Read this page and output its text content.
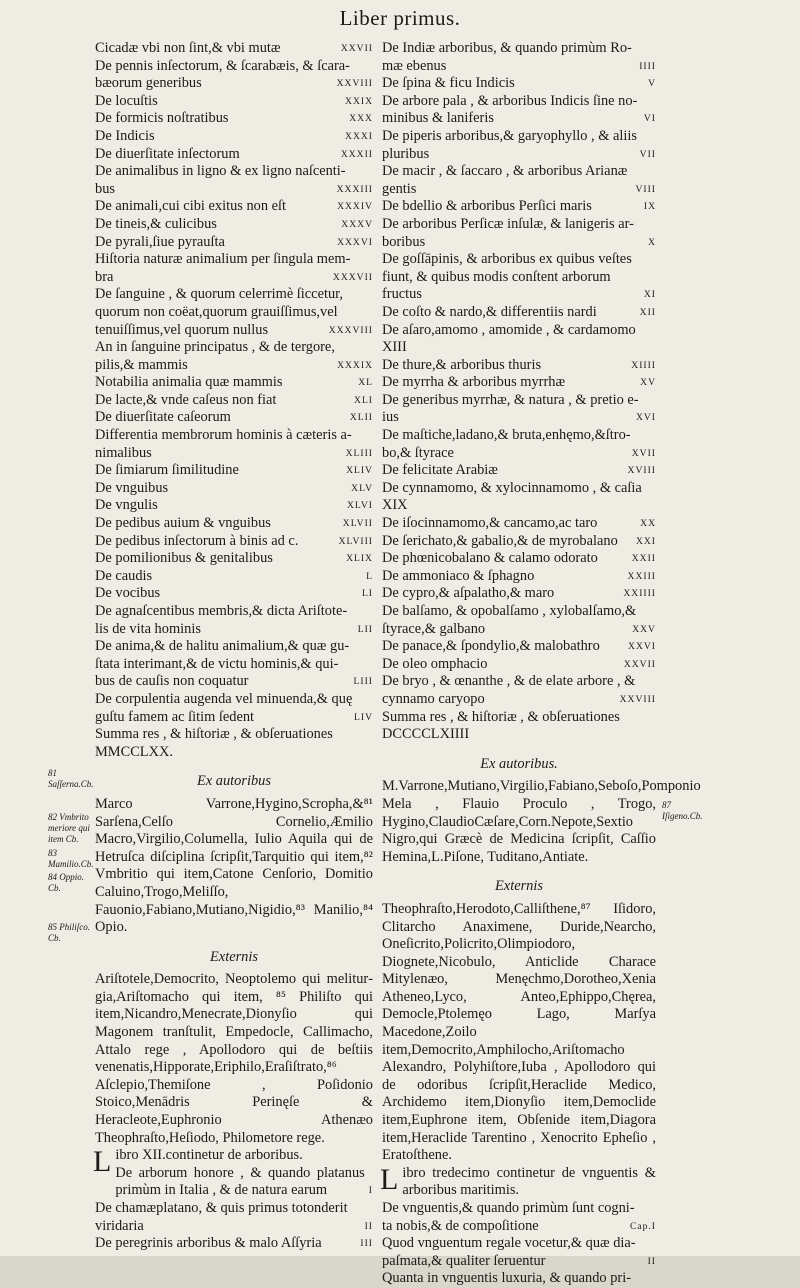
Liber primus.
Cicadæ vbi non ſint,& vbi mutæ	XXVII
De pennis inſectorum, & ſcarabæis, & ſcara-
bæorum generibus	XXVIII
De locuſtis	XXIX
De formicis noſtratibus	XXX
De Indicis	XXXI
De diuerſitate inſectorum	XXXII
De animalibus in ligno & ex ligno naſcenti-
bus	XXXIII
De animali,cui cibi exitus non eſt	XXXIV
De tineis,& culicibus	XXXV
De pyrali,ſiue pyrauſta	XXXVI
Hiſtoria naturæ animalium per ſingula mem-
bra	XXXVII
De ſanguine , & quorum celerrimè ſiccetur,
quorum non coëat,quorum grauiſſimus,vel
tenuiſſimus,vel quorum nullus	XXXVIII
An in ſanguine principatus , & de tergore,
pilis,& mammis	XXXIX
Notabilia animalia quæ mammis	XL
De lacte,& vnde caſeus non fiat	XLI
De diuerſitate caſeorum	XLII
Differentia membrorum hominis à cæteris a-
nimalibus	XLIII
De ſimiarum ſimilitudine	XLIV
De vnguibus	XLV
De vngulis	XLVI
De pedibus auium & vnguibus	XLVII
De pedibus inſectorum à binis ad c.	XLVIII
De pomilionibus & genitalibus	XLIX
De caudis	L
De vocibus	LI
De agnaſcentibus membris,& dicta Ariſtote-
lis de vita hominis	LII
De anima,& de halitu animalium,& quæ gu-
ſtata interimant,& de victu hominis,& qui-
bus de cauſis non coquatur	LIII
De corpulentia augenda vel minuenda,& quę
guſtu famem ac ſitim ſedent	LIV
Summa res , & hiſtoriæ , & obſeruationes
MMCCLXX.
Ex autoribus
Marco Varrone,Hygino,Scropha,&⁸¹ Sarſena,Celſo Cornelio,Æmilio Macro,Virgilio,Columella, Iulio Aquila qui de Hetruſca diſciplina ſcripſit,Tarquitio qui item,⁸² Vmbritio qui item,Catone Cenſorio, Domitio Caluino,Trogo,Meliſſo, Fauonio,Fabiano,Mutiano,Nigidio,⁸³ Manilio,⁸⁴ Opio.
Externis
Ariſtotele,Democrito, Neoptolemo qui meliturgia,Ariſtomacho qui item, ⁸⁵ Philiſto qui item,Nicandro,Menecrate,Dionyſio qui Magonem tranſtulit, Empedocle, Callimacho, Attalo rege , Apollodoro qui de beſtiis venenatis,Hipporate,Eriphilo,Eraſiſtrato,⁸⁶ Aſclepio,Themiſone , Poſidonio Stoico,Menādris Perinęſe & Heracleote,Euphronio Athenæo Theophraſto,Heſiodo, Philometore rege.
L ibro XII.continetur de arboribus.
De arborum honore , & quando platanus primùm in Italia , & de natura earum	I
De chamæplatano, & quis primus totonderit
viridaria	II
De peregrinis arboribus & malo Aſſyria	III
De Indiæ arboribus, & quando primùm Ro-
mæ ebenus	IIII
De ſpina & ficu Indicis	V
De arbore pala , & arboribus Indicis ſine no-
minibus & laniferis	VI
De piperis arboribus,& garyophyllo , & aliis
pluribus	VII
De macir , & ſaccaro , & arboribus Arianæ
gentis	VIII
De bdellio & arboribus Perſici maris	IX
De arboribus Perſicæ inſulæ, & lanigeris ar-
boribus	X
De goſſāpinis, & arboribus ex quibus veſtes
fiunt, & quibus modis conſtent arborum
fructus	XI
De coſto & nardo,& differentiis nardi	XII
De aſaro,amomo , amomide , & cardamomo
XIII
De thure,& arboribus thuris	XIIII
De myrrha & arboribus myrrhæ	XV
De generibus myrrhæ, & natura , & pretio e-
ius	XVI
De maſtiche,ladano,& bruta,enhęmo,&ſtro-
bo,& ſtyrace	XVII
De felicitate Arabiæ	XVIII
De cynnamomo, & xylocinnamomo , & caſia
XIX
De iſocinnamomo,& cancamo,ac taro	XX
De ſerichato,& gabalio,& de myrobalano XXI
De phœnicobalano & calamo odorato	XXII
De ammoniaco & ſphagno	XXIII
De cypro,& aſpalatho,& maro	XXIIII
De balſamo, & opobalſamo , xylobalſamo,&
ſtyrace,& galbano	XXV
De panace,& ſpondylio,& malobathro	XXVI
De oleo omphacio	XXVII
De bryo , & œnanthe , & de elate arbore , &
cynnamo caryopo	XXVIII
Summa res , & hiſtoriæ , & obſeruationes
DCCCCLXIIII
Ex autoribus.
M.Varrone,Mutiano,Virgilio,Fabiano,Seboſo,Pomponio Mela , Flauio Proculo , Trogo, Hygino,ClaudioCæſare,Corn.Nepote,Sextio Nigro,qui Græcè de Medicina ſcripſit, Caſſio Hemina,L.Piſone, Tuditano,Antiate.
Externis
Theophraſto,Herodoto,Calliſthene,⁸⁷ Iſidoro, Clitarcho Anaximene, Duride,Nearcho, Oneſicrito,Policrito,Olimpiodoro, Diognete,Nicobulo, Anticlide Charace Mitylenæo, Menęchmo,Dorotheo,Xenia Atheneo,Lyco, Anteo,Ephippo,Chęrea, Democle,Ptolemęo Lago, Marſya Macedone,Zoilo item,Democrito,Amphilocho,Ariſtomacho Alexandro, Polyhiſtore,Iuba , Apollodoro qui de odoribus ſcripſit,Heraclide Medico, Archidemo item,Dionyſio item,Democlide item,Euphrone item, Obſenide item,Diagora item,Heraclide Tarentino , Xenocrito Epheſio , Eratoſthene.
L ibro tredecimo continetur de vnguentis & arboribus maritimis.
De vnguentis,& quando primùm ſunt cogni-
ta nobis,& de compoſitione	Cap.I
Quod vnguentum regale vocetur,& quæ dia-
paſmata,& qualiter ſeruentur	II
Quanta in vnguentis luxuria, & quando pri-
81 Saſſerna.Cb.
82 Vmbrito meriore qui item Cb.
83 Mamilio.Cb.
84 Oppio. Cb.
85 Philiſco. Cb.
87 Iſigeno.Cb.
